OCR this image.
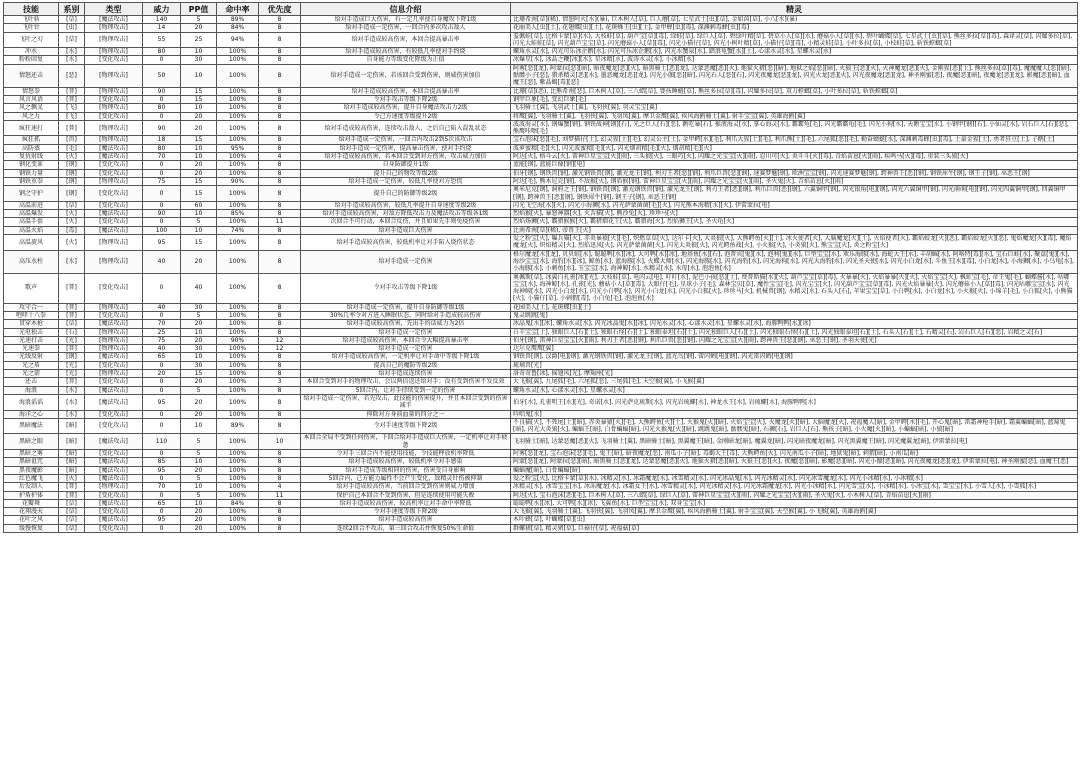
技能	系别	类型	威力	PP值	命中率	优先度	信息介绍	精灵
飞叶斩	[草]	[魔法攻击]	140	5	89%	8	给对手造成巨大伤害，有一定几率使自身魔攻下降1级	比珊希南[草](稀), 情憩阿火[水](暴), 巨木树人[草], 巨人蘑[草], 七星武士[虫][草], 金如茵[草], 小八[水](暴)
飞叶针	[虫]	[物理攻击]	14	20	84%	8	给对手造成一定伤害，一回合内多次攻击敌人	花丽美人[虫][土], 花翅蝶[虫][土], 花斑蛛王[虫][土], 金甲蝉[虫][毒], 深渊刺毒蜂[虫][毒]
飞叶之刃	[草]	[物理攻击]	55	25	94%	8	给对手造成较高伤害，本回合提高暴击率	羞佩蛙[草], 比格卡蒙[草](水), 大枝蛙[草], 葫芦宝[草][毒], 绿蛙[草], 绿巨人[草], 碧绿叶精[草], 碧草小人[草][水], 蘑菇小人[草][水], 碧叶蝴蝶[草], 七星武士[虫][草], 熊丝多拉[草][毒], 森译灵[草], 闪耀多拉[草], 闪光大蛙蛙[草], 闪光葫芦宝宝[草], 闪光蘑菇小人[草][毒], 闪光小猫仔[草], 闪光小树叶精[草], 小猫仔[草][毒], 小精灵蛙[草], 小叶多拉[草], 小枝蛙[草], 斩铁螳螂[草]
冲水	[水]	[物理攻击]	80	10	100%	8	给对手造成较高伤害，有较低几率使对手约烧	螺角水灵[水], 闪光可乐冰企鹅[水], 闪光可乐冰企鹅[水], 闪光水蟹泉[水], 踏浪龟蟹[水][土], 心漾水灵[水], 星螺水灵[水]
粉粉回复	[水]	[变化攻击]	0	30	100%	8	自身能力等级变化降级为正值	冰爆星[水], 冰晶之鞭[冰][水], 星冰精[水], 波涛水灵[水], 小冰精[水]
情怒还击	[恶]	[物理攻击]	50	10	100%	8	给对手造成一定伤害，若该回合受到伤害，则威伤害加倍	阿雾[恶][龙], 阿蒙拉[恶][暗], 暗夜魔龙[恶][火], 暗黑骑士[恶][龙], 达蒙恶魔[恶][火], 地狱火猎[恶][暗], 地狱之焰[恶][暗], 火狼王[恶][火], 火神魔龙[恶][火], 金刚猩[恶][土], 熊丝多拉[草][毒], 魔魔魔人[恶][暗], 骷髅小子[恶], 猎杀精灵[恶][水], 墨恶魔龙[恶][龙], 闪光小伽[恶][暗], 闪光石人[恶][石], 闪光夜魔龙[恶][龙], 闪光火龙[恶][火], 闪光夜魔龙[恶][龙], 神圣刚蜜[恶], 夜魔[恶][暗], 夜魔龙[恶][龙], 影魔[恶][暗], 血魔王[恶], 紫晶蝎[毒][恶]
情怒拳	[普]	[物理攻击]	90	15	100%	8	给对手造成较高伤害，本回合提高暴击率	比珊[草](恶), 比熊希南[恶], 巨木树人[草], 三八蜡[草], 婴孩睡蜷[草], 熊丝多拉[草][毒], 闪耀多拉[草], 双刀螳螂[草], 小叶多拉[草], 斩铁螳螂[草]
风言风语	[普]	[变化攻击]	0	15	100%	8	令对手攻击等级下降2级	钢甲巨象[毛], 变幻巨象[毛]
风之飘叉	[飞]	[物理攻击]	80	10	100%	8	给对手造成较高伤害，提升自身魔法攻击力2级	飞羽骑士[翼], 飞羽武士[翼], 飞羽侠[翼], 羽灵宝宝[翼]
风之力	[飞]	[变化攻击]	0	20	100%	8	令己方速度等级提升2级	将鹰[翼], 飞羽骑士[翼], 飞羽侠[翼], 飞羽凤[翼], 摩卫金鹰[翼], 疾风海鸥骑士[翼], 射手宝宝[翼], 英雄海鸥[翼]
疯狂速打	[普]	[物理攻击]	90	20	100%	8	给对手造成较高伤害，连续攻击敌人，之后自己陷入混乱状态	波波海灵[水], 钢爆蟹[钢], 钢铁战神[钢][石], 光之巨人[石][恶], 鹅吃暴[石], 猴液海灵[水], 掌心海灵[水], 霸霸龟[毛], 闪光霸霸龟[毛], 闪光小狗[水], 天鹅宝宝[水], 小钢甲[钢][石], 小仙灵[水], 岩石巨人[石][恶], 熊鹰咔嚓[毛]
疯狂抓	[兽]	[物理攻击]	18	15	100%	8	给对手造成一定伤害，一回合内攻击2到5次该攻击	宝石泡沫[恶][毛], 刘梦猫仔[土], 幻灵猩[土][毛], 幻灵公主[土], 金甲鳄[水][毛], 利爪大猩[土][毛], 利爪熊[土][毛], 六尾狐[恶][毛], 勤奋蜻蜓[水], 深渊刺毒蜂[虫][毒], 土豪金猩[土], 勇者狂豆[土], 子鹅[土]
高防蒸	[毛]	[魔法攻击]	80	10	95%	8	给对手造成一定伤害，提高暴击伤害，使对手约烧	波萝蜜精[毛][火], 闪光波蜜精[毛][火], 闪光烟胡精[毛][火], 烟胡精[毛][火]
复仇射线	[火]	[魔法攻击]	70	10	100%	4	给对手造成较高伤害，若本回合受到对方伤害，攻击威力加倍	阿达[火], 格斗云[火], 雷神巨星宝宝[火][雨], 三头狼[火], 三眼巧[火], 闪耀之光宝宝[火][雨], 忍川可[火], 炎斗斗[火][毒], 青焰苗崽[火][雨], 疾鸣马[火][毒], 重装三头狼[火]
钢化变革	[钢]	[变化攻击]	0	20	100%	8	自身防御提升1级	蓝能[钢], 蓝能巨像[钢][电]
钢铁力量	[钢]	[变化攻击]	0	20	100%	8	提升自己的物攻等级2级	伯牙[钢], 钢铁兽[钢], 激光钢铁兽[钢], 激光龙王[钢], 利刃王者[恶][钢], 利爪巨兽[恶][钢], 速赛梦魅[钢], 欧洲宝宝[钢], 闪光速赛梦魅[钢], 跨神兽王[恶][钢], 钢铁犀牛[钢], 钢王子[钢], 巫恶王[钢]
钢铁重拳	[钢]	[物理攻击]	75	15	90%	8	给对手造成一定伤害，较低几率使对方恐慌	阿达[毛], 熊木尼克[钢], 不敌猴[火], 钢盾猴[钢], 雷神巨星宝宝[火][雨], 闪耀之光宝宝[火][雨], 圣火鬼[火], 青焰苗崽[火][雨]
钢之守护	[钢]	[变化攻击]	0	15	100%	8	提升自己的防御等级2级	奥米尼克[钢], 洞府之王[钢], 钢铁兽[钢], 激光钢铁兽[钢], 激光龙王[钢], 利刃王者[恶][钢], 利爪巨兽[恶][钢], 六翼铜甲[钢], 闪光银角[电][钢], 闪光六翼铜甲[钢], 闪光萌萌[电][钢], 闪光四翼铜甲[钢], 四翼铜甲[钢], 跨神兽王[恶][钢], 钢铁犀牛[钢], 钢王子[钢], 巫恶王[钢]
高温前进	[草]	[变化攻击]	0	60	100%	8	给对手造成较高伤害，较低几率提升自身速度等级2级	闪光飞空海[水][火], 闪光小海狮[水], 闪光萨蒙菌菌[毛][火], 闪光熊本海精[水][火], 伊雷蒙拉[电]
高温爆发	[火]	[魔法攻击]	90	10	85%	8	给对手造成较高伤害，对敌方降低攻击力及魔法攻击等级各1级	烈焰猴[火], 暴怒神器[火], 火舌猫[火], 熊沙兔[火], 珍珍马[火]
高温手套	[火]	[变化攻击]	0	5	100%	11	次回合不可行动，本回合反伤，并且如果先手则免疫伤害	烈焰炀狮[火], 霸猎猴猴[火], 霸猎烟花王[火], 霸猎海[火], 烈焰狮王[火], 圣火龟[火]
高温火焰	[毒]	[魔法攻击]	100	10	74%	8	给对手造成巨大伤害	比南希南[草](稀), 帝兽王[火]
高温旋风	[火]	[物理攻击]	95	15	100%	8	给对手造成较高伤害，较低机率让对手陷入烧伤状态	爱之粉宝[火], 曝兵猫[火], 赤炎暴猿[火][毛], 炽燃草草[火], 达尔卡[火], 大炎狼[火], 大熊鳄鱼[火][土], 冰火使者[火], 大脑魔龙[火][土], 火焰使者[火], 霸焰蛟龙[火][恶], 霸焰蛟龙[火][恶], 鬼焰魔龙[火][毒], 魔焰魔龙[火], 炽焰精灵[火], 烈焰迅风[火], 闪光萨蒙菌菌[火], 闪光大炎狼[火], 闪光鳄鱼战[火], 小火猴[火], 小炎狼[火], 熊宝宝[火], 炎之粉宝[火]
高压水柱	[水]	[物理攻击]	40	20	100%	8	给对手造成一定伤害	格尔魔龙[水][龙], 贝贝蛙[水], 聪聪鸭[水][冰], 大可鸭[水][冰], 地基鱼[水][石], 泡普宾[鬼][水], 泡利[鬼][水], 巨型宝宝[水], 欢乐海豚[水], 海蛇大王[水], 丰胡鳐[水], 阿咯特[毒][水], 宝石巨蛙[水], 聚盒[鬼][水], 海沙宝宝[水], 海豹[水][冰], 鲸鱼[水], 蓝海豚[水], 火蝶大师[水], 闪光海豚[水], 闪光海豹[水], 闪光海狗[水], 闪光大海豹[水], 闪光圣天使[水], 闪光小白龙[水], 斗鱼王[水][毒], 小白龙[水], 小海狮[水], 小乌龟[水], 小海豚[水], 小刺鱼[水], 玉宝宝[水], 海神鲸[水], 水精灵[水], 水母[水], 泡泡鱼[水]
歌声	[普]	[变化攻击]	0	40	100%	8	令对手攻击等级下降1级	奥佩斯[草], 冰翼白孔雀[冰][光], 大枝蛙[草], 电闪云[电], 叮叮[水], 泥巴小孩[恶][土], 费普斯猫[水][火], 葫芦宝宝[草][毒], 火暴暴[火], 火焰暴暴[火][火], 火焰宝宝[火], 枫虹宝[毛], 帝王鬼[毛], 蝴蝶酱[水], 咕嘟宝宝[水], 海神鲸[水], 孔雀[光], 蘑菇小人[草][毒], 大眼仔[毛], 星球小子[毛], 森林宝贝[草], 魔性宝宝[毛], 闪光宝宝[火], 闪光葫芦宝宝[草][毒], 闪光火焰暴暴[火], 闪光蘑菇小人[草][毒], 闪光咕嘟宝宝[水], 闪光海神鲸[水], 闪光小白龙[水], 闪光小白鸭[水], 闪光小白龙[水], 闪光小白狐[火], 珍珍马[火], 机械兽[钢], 水精灵[水], 石头人[石], 苹果宝宝[草], 小白鸭[水], 小白龙[水], 小火猴[火], 小绵羊[毛], 小白狐[火], 小熊猫[火], 小猫仔[草], 小刺猬[毒], 小白兔[毛], 泡泡鱼[水]
攻守合一	[普]	[物理攻击]	40	30	100%	8	给对手造成一定伤害，提升自身防御等级1级	花园美人[土], 花斑蝶[虫][土]
咆哮十八拳	[普]	[变化攻击]	0	5	100%	8	30%几率令对方进入睡眠状态，同时给对手造成较高伤害	鬼灵跳跳[鬼]
贯穿木枪	[草]	[魔法攻击]	70	20	100%	8	给对手造成较高伤害，先出手的话威力为2倍	冰晶鬼[水][冰], 螺角水灵[水], 闪光冰晶鬼[水][冰], 闪光水灵[水], 心漾水灵[水], 星螺水灵[水], 海豚鸭鸭[水][冰]
光电独击	[石]	[物理攻击]	25	10	100%	8	给对手造成一定伤害	白羊宝宝[土], 独眼巨人[石][土], 独眼石怪[石][土], 独眼泰坦[石][土], 闪光独眼巨人[石][土], 闪光独眼石怪[石][土], 闪光独眼泰坦[石][土], 石头人[石][土], 石精灵[石], 岩石巨人[石][恶], 岩精之灵[石]
光速打击	[光]	[物理攻击]	75	20	90%	12	给对手造成较高伤害，本回合令大幅提高暴击率	伯牙[钢], 雷神巨星宝宝[火][雨], 利刃王者[恶][钢], 利爪巨兽[恶][钢], 闪耀之光宝宝[火][雨], 跨神兽王[恶][钢], 巫恶王[钢], 圣羽天使[光]
光速拳	[普]	[物理攻击]	40	30	100%	12	给对手造成一定伤害	达尔克鹰鹰[翼]
光线反射	[钢]	[魔法攻击]	65	10	100%	8	给对手造成较高伤害，一定机率让对手命中等级下降1级	钢铁兽[钢], 汉爵[电][钢], 激光钢铁兽[钢], 激光龙王[钢], 蓝光鸟[钢], 雷闪鹤[电][钢], 闪光雷闪鹤[电][钢]
光之盾	[光]	[变化攻击]	0	30	100%	8	提高自己的魔防等级2级	琉璃兽[光]
光之箭	[光]	[物理攻击]	20	15	100%	8	给对手造成连续伤害	洛奇奇鲁[冰], 摇翅风[光], 摩羯座[光]
还击	[普]	[变化攻击]	0	20	100%	3	本回合受到对手的物理攻击，会以两倍返还给对手；没有受到伤害不发反效	大飞猴[翼], 九尾狐[毛], 六尾狐[恶], 三尾狐[毛], 天空猴[翼], 小飞猴[翼]
海浪	[水]	[魔法攻击]	0	5	100%	8	5回合内，让对手持续受到一定的伤害	螺角水灵[水], 心漾水灵[水], 星螺水灵[水]
海浪滔滔	[水]	[魔法攻击]	95	20	100%	8	给对手造成一定伤害，若先攻击，此技能的伤害提升，并且本回合受到的伤害减半	伯牙[水], 孔雀明王[水][光], 奇诺[水], 闪光萨克琉斯[水], 闪光岩琉螺[水], 神龙水王[水], 岩琉螺[水], 海豚鸭鸭[水]
海洋之心	[水]	[变化攻击]	0	20	100%	8	抑除对方身前血量的四分之一	吟唱鬼[水]
黑暗魔法	[暗]	[变化攻击]	0	10	89%	8	令对手速度等级下降2级	不良猫[火], 不死尾[土][暗], 赤炎暴猿[火][毛], 大熊鳄鱼[火][土], 火猴鬼[火][暗], 火焰宝宝[火], 火魔龙[火][暗], 大脑魔龙[火], 祝福魔人[暗], 金甲鳄[水][毛], 开心鬼[暗], 雷霜神枪手[暗], 霜翼蝙蝠[暗], 蓝莓鬼[暗], 闪光大炎狼[火], 蝙蝠王[暗], 白骨蝙蝠[暗], 闪光火猴鬼[火][暗], 跳跳鬼[暗], 骷髅鬼[暗], 石狮[石], 岩巨人[石], 熊孩子[暗], 小火魔[火][暗], 小蝙蝠[暗], 小狼[暗]
黑暗之眼	[暗]	[魔法攻击]	110	5	100%	10	本回合全局不受到任何伤害，下回合给对手造成巨大伤害，一定机率让对手疲惫	飞羽骑士[暗], 达蒙恶魔[恶][火], 飞羽骑士[翼], 黑暗骑士[暗], 黑翼魔王[暗], 金刚暗龙[暗], 魔翼龙[暗], 闪光暗夜魔龙[暗], 闪光黑翼魔王[暗], 闪光魔翼龙[暗], 伊雷蒙拉[电]
黑暗之雾	[暗]	[变化攻击]	0	5	100%	8	令对手三回合内不能使用技能，令技能释放机率降低	阿雾[恶][龙], 宝石泡沫[恶][毛], 鬼王[暗], 暗夜魔龙[恶], 南瓜小子[暗], 毒蝎大王[毒], 大熊鳄鱼[火], 闪光南瓜小子[暗], 地狱鬼[暗], 刺猬[暗], 小南瓜[暗]
黑暗诅咒	[暗]	[魔法攻击]	85	10	100%	8	给对手造成较高伤害，较低机率令对手感染	阿蒙[恶][龙], 阿蒙拉[恶][暗], 暗黑骑士[恶][龙], 达蒙恶魔[恶][火], 地狱火猎[恶][暗], 火狼王[恶][火], 夜魔[恶][暗], 影魔[恶][暗], 闪光小伽[恶][暗], 闪光夜魔龙[恶][龙], 伊雷蒙拉[电], 神圣刚蜜[恶], 血魔王[恶]
黑夜魔影	[暗]	[魔法攻击]	95	20	100%	8	给对手造成等级相同的伤害，伤害受自身影响	蝙蝠魔[暗], 白骨蝙蝠[暗]
红色魔飞	[火]	[魔法攻击]	0	5	100%	8	5回合内，己方能力属性不会产生变化，敌精灵针伤被抑制	爱之粉宝[火], 比格卡蒙[草](水), 冰精灵[水], 冰霜魔龙[水], 冰雪精灵[水], 闪光冰晶鬼[水], 闪光冰精灵[水], 闪光冰雪魔龙[水], 闪光小冰精[水], 小冰精[水]
后发制人	[普]	[物理攻击]	70	10	100%	4	给对手造成较高伤害，当前回合受到伤害则威力增加	冰精灵[水], 冰雪宝宝[水], 冰冻魔龙[水], 冰霜女王[水], 冰雪精灵[水], 闪光冰精灵[水], 闪光冰霜魔龙[水], 闪光小冰精[水], 闪光雪宝[水], 小冰精[水], 小冰宝[水], 雪宝宝[水], 小雪人[水], 小雪狐[水]
护盾护体	[普]	[变化攻击]	0	5	100%	11	保护自己本回合不受到伤害，但是连续使用可能失败	阿达[火], 宝石泡沫[恶][毛], 巨木树人[草], 三八蜡[草], 绿巨人[草], 雷神巨星宝宝[火][雨], 闪耀之光宝宝[火][雨], 圣火鬼[火], 小木树人[草], 青焰苗崽[火][雨]
花瓣舞	[草]	[魔法攻击]	65	10	84%	8	给对手造成较高伤害，较高机率让对手命中率降低	聪聪鸭[水][冰], 大可鸭[水][冰], 飞翼鱼[水], 巨型宝宝[水], 双身宝宝[水]
花翔漫天	[草]	[变化攻击]	0	20	100%	8	令对手速度等级下降2级	大飞猴[翼], 飞羽骑士[翼], 飞羽侠[翼], 飞羽凤[翼], 摩卫金鹰[翼], 疾风海鸥骑士[翼], 射手宝宝[翼], 天空猴[翼], 小飞猴[翼], 英雄海鸥[翼]
花叶之风	[草]	[魔法攻击]	95	20	100%	8	给对手造成较高伤害	木叶蜂[草], 叶蝴蝶[草][虫]
缓慢恢复	[草]	[变化攻击]	0	20	100%	8	连续2回合不攻击，第三回合攻击并恢复50%生命值	群螺猪[草], 精灵猪[草], 巨菇仔[草], 祝福菇[草]
